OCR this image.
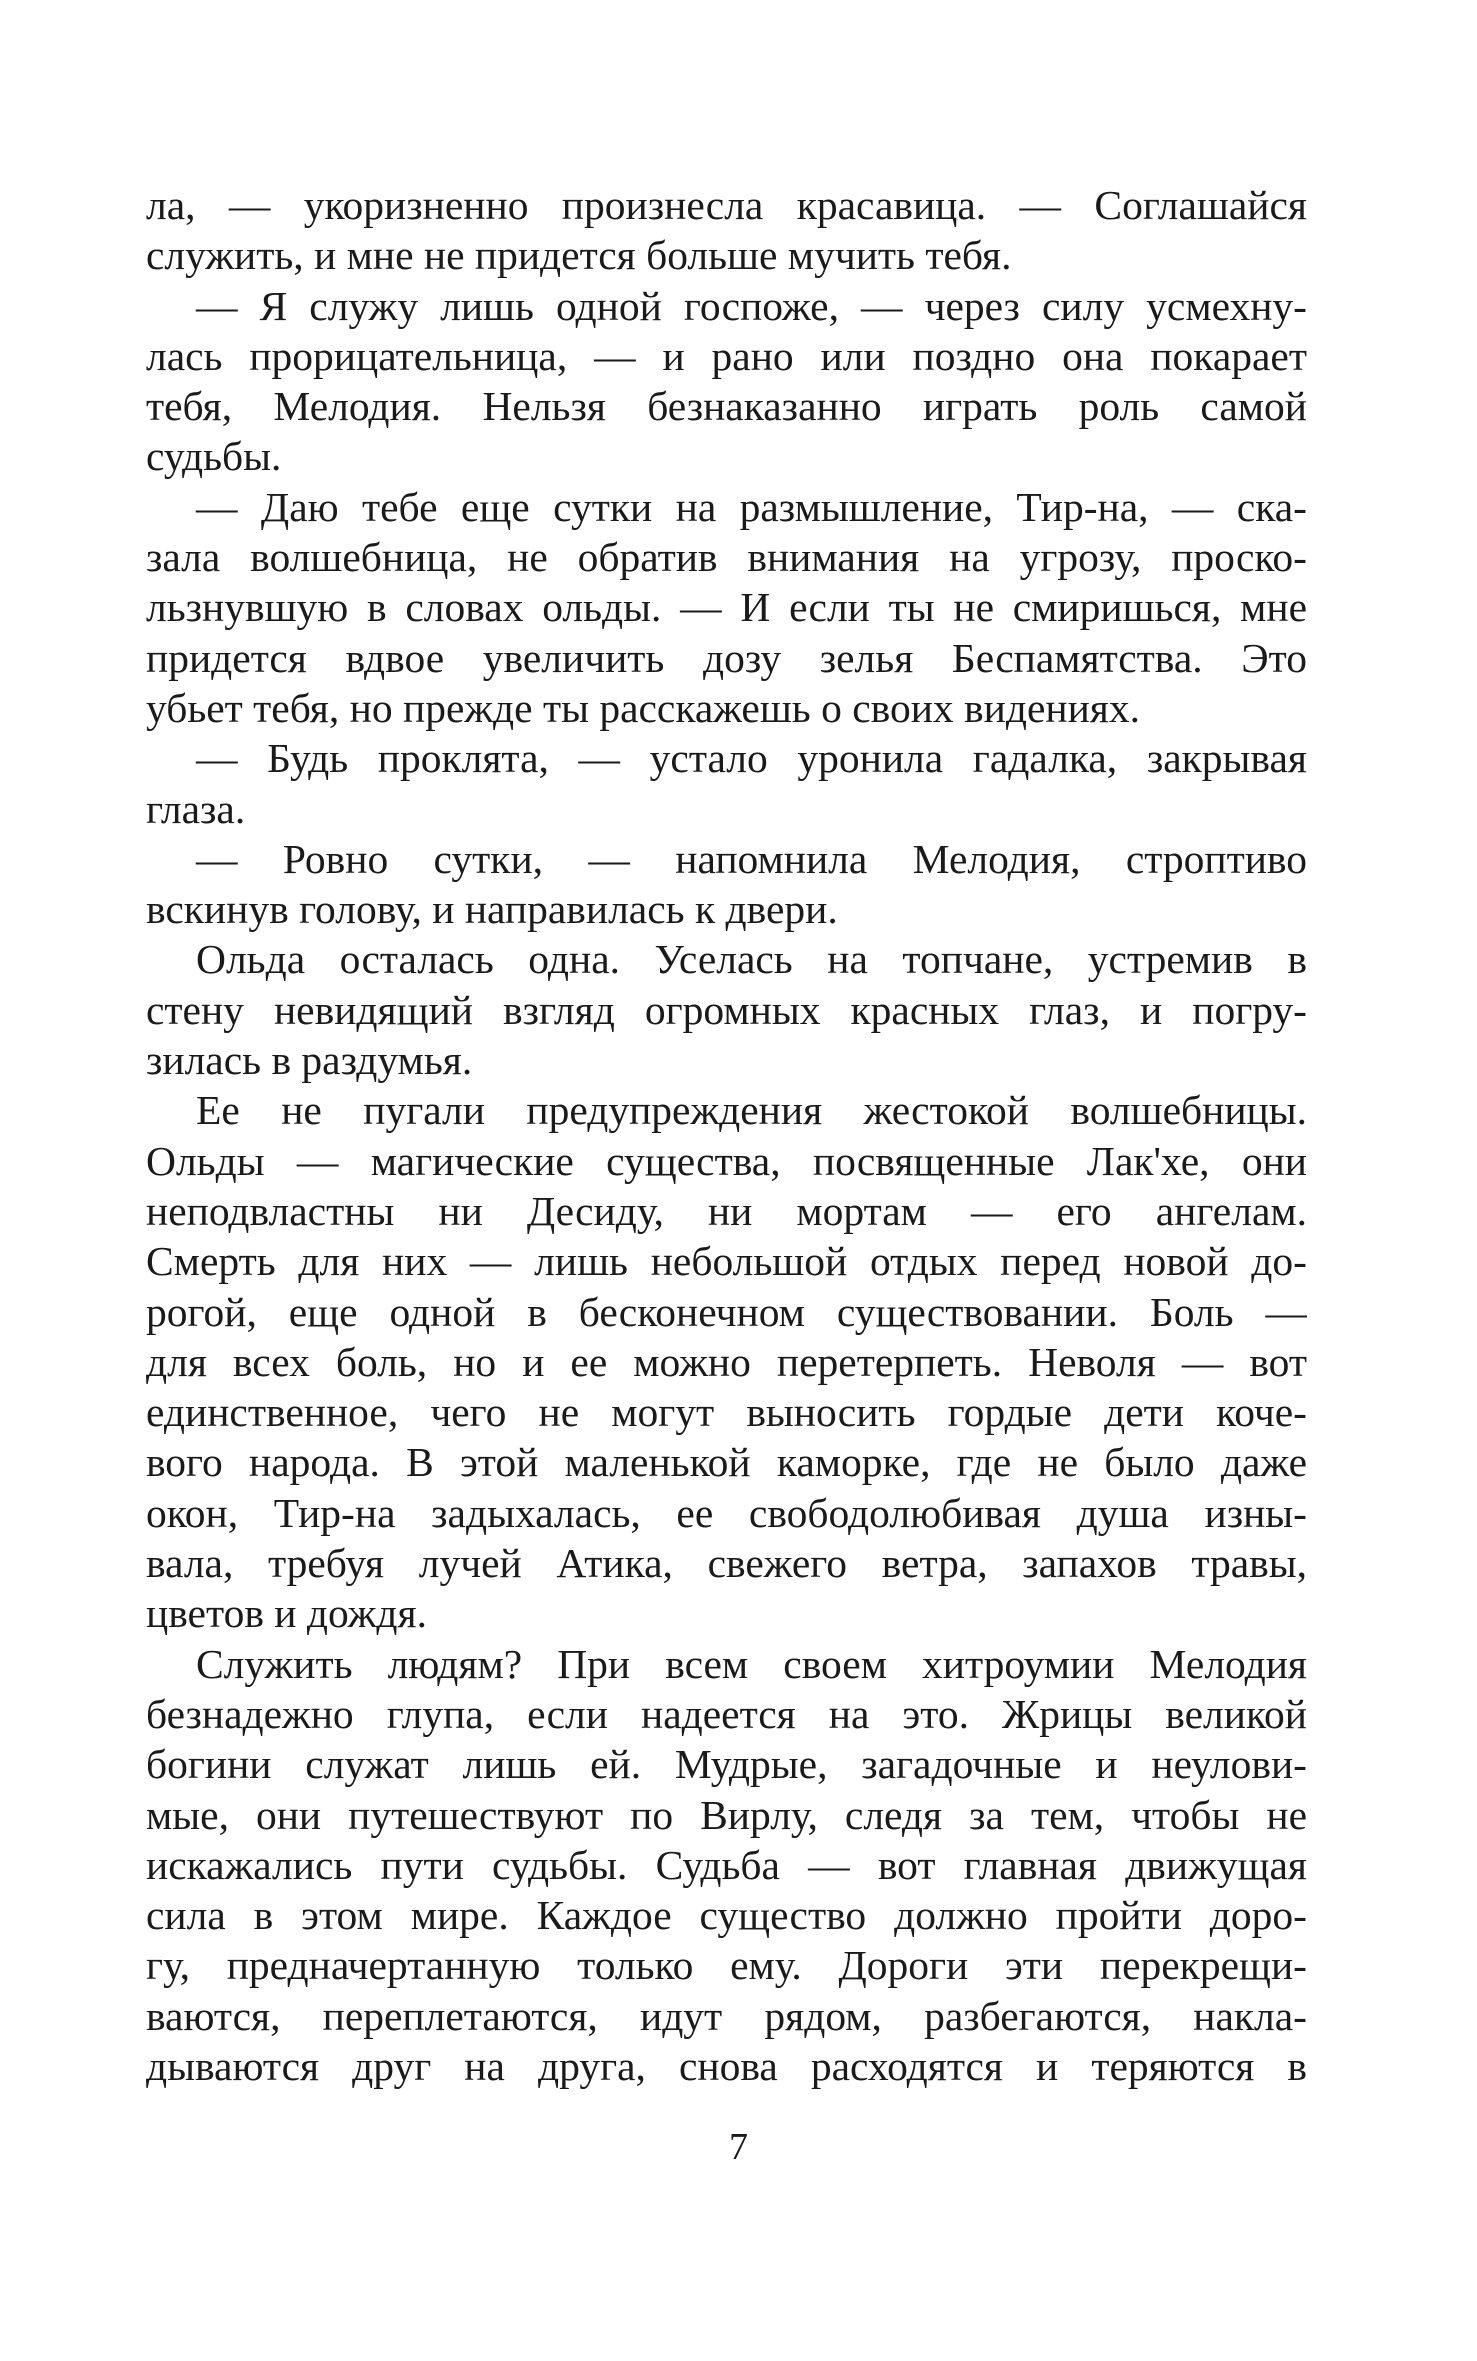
ла, — укоризненно произнесла красавица. — Соглашайся
служить, и мне не придется больше мучить тебя.
— Я служу лишь одной госпоже, — через силу усмехну-
лась прорицательница, — и рано или поздно она покарает
тебя, Мелодия. Нельзя безнаказанно играть роль самой
судьбы.
— Даю тебе еще сутки на размышление, Тир-на, — ска-
зала волшебница, не обратив внимания на угрозу, проско-
льзнувшую в словах ольды. — И если ты не смиришься, мне
придется вдвое увеличить дозу зелья Беспамятства. Это
убьет тебя, но прежде ты расскажешь о своих видениях.
— Будь проклята, — устало уронила гадалка, закрывая
глаза.
— Ровно сутки, — напомнила Мелодия, строптиво
вскинув голову, и направилась к двери.
Ольда осталась одна. Уселась на топчане, устремив в
стену невидящий взгляд огромных красных глаз, и погру-
зилась в раздумья.
Ее не пугали предупреждения жестокой волшебницы.
Ольды — магические существа, посвященные Лак'хе, они
неподвластны ни Десиду, ни мортам — его ангелам.
Смерть для них — лишь небольшой отдых перед новой до-
рогой, еще одной в бесконечном существовании. Боль —
для всех боль, но и ее можно перетерпеть. Неволя — вот
единственное, чего не могут выносить гордые дети коче-
вого народа. В этой маленькой каморке, где не было даже
окон, Тир-на задыхалась, ее свободолюбивая душа изны-
вала, требуя лучей Атика, свежего ветра, запахов травы,
цветов и дождя.
Служить людям? При всем своем хитроумии Мелодия
безнадежно глупа, если надеется на это. Жрицы великой
богини служат лишь ей. Мудрые, загадочные и неулови-
мые, они путешествуют по Вирлу, следя за тем, чтобы не
искажались пути судьбы. Судьба — вот главная движущая
сила в этом мире. Каждое существо должно пройти доро-
гу, предначертанную только ему. Дороги эти перекрещи-
ваются, переплетаются, идут рядом, разбегаются, накла-
дываются друг на друга, снова расходятся и теряются в
7
